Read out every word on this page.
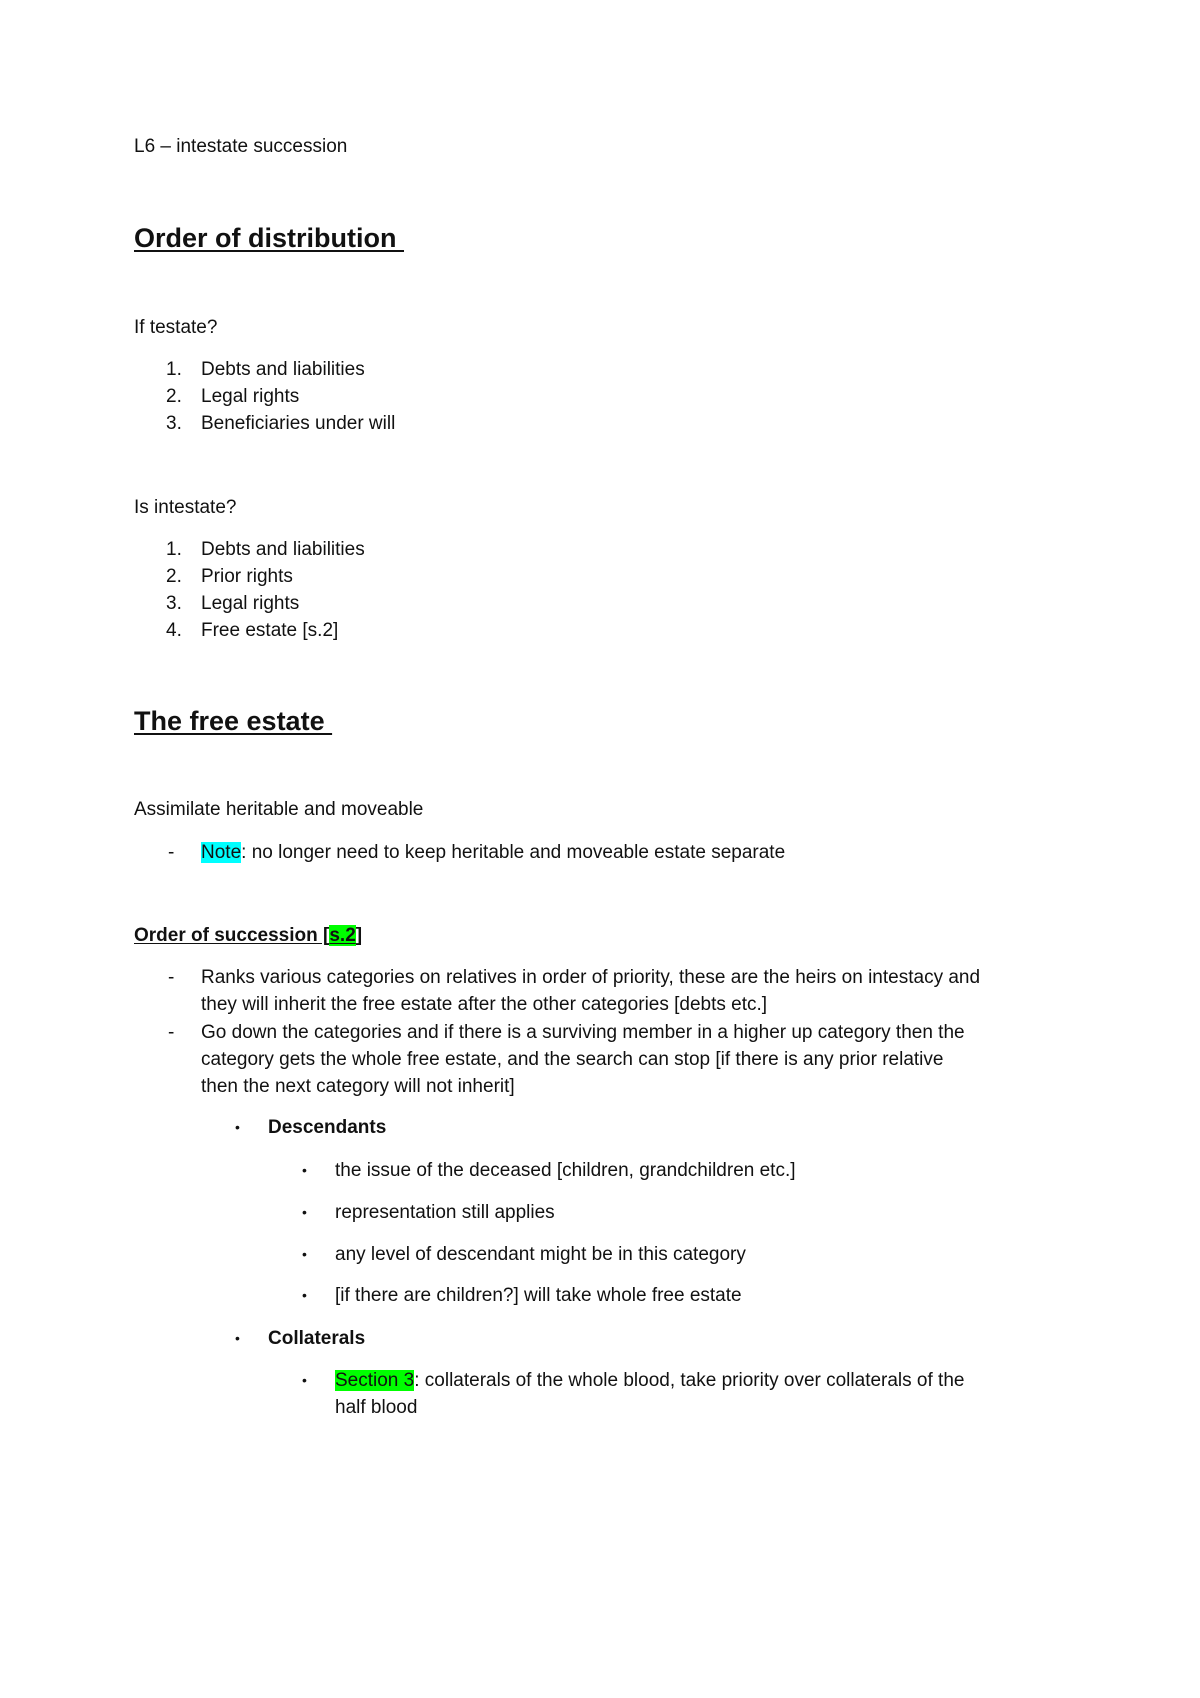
L6 – intestate succession
Order of distribution
If testate?
1.	Debts and liabilities
2.	Legal rights
3.	Beneficiaries under will
Is intestate?
1.	Debts and liabilities
2.	Prior rights
3.	Legal rights
4.	Free estate [s.2]
The free estate
Assimilate heritable and moveable
- Note: no longer need to keep heritable and moveable estate separate
Order of succession [s.2]
- Ranks various categories on relatives in order of priority, these are the heirs on intestacy and
they will inherit the free estate after the other categories [debts etc.]
- Go down the categories and if there is a surviving member in a higher up category then the
category gets the whole free estate, and the search can stop [if there is any prior relative
then the next category will not inherit]
• Descendants
• the issue of the deceased [children, grandchildren etc.]
• representation still applies
• any level of descendant might be in this category
• [if there are children?] will take whole free estate
• Collaterals
• Section 3: collaterals of the whole blood, take priority over collaterals of the
half blood
